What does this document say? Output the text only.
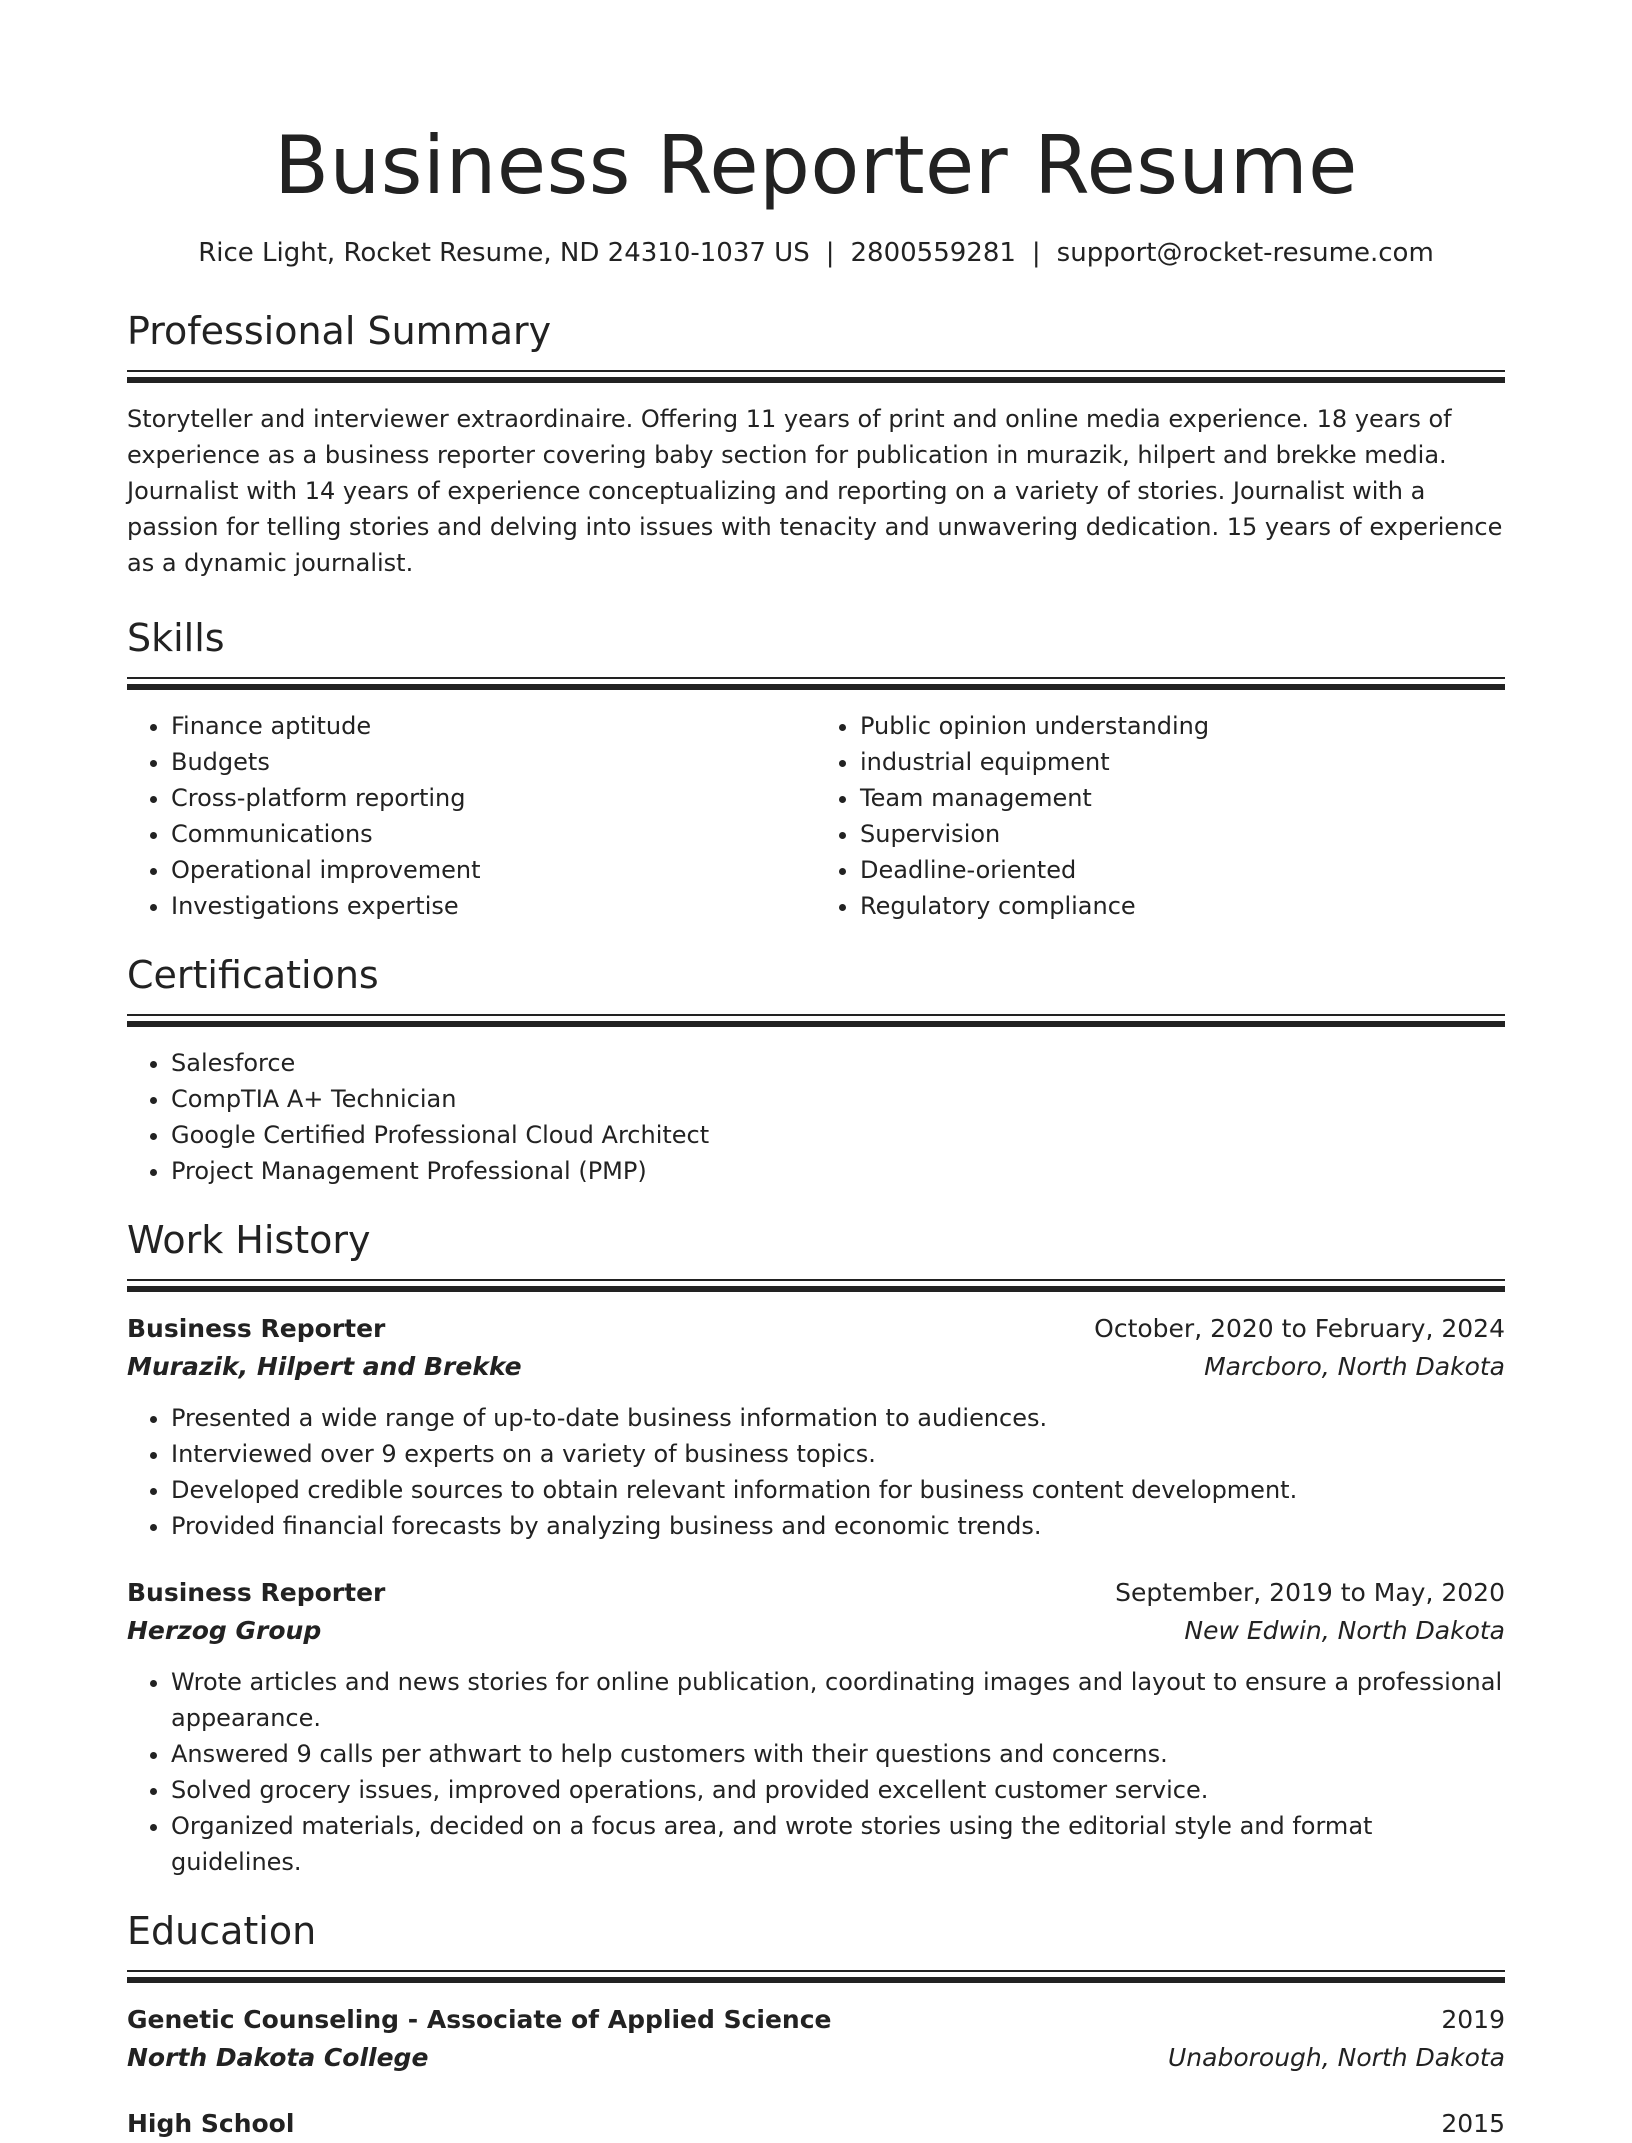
Business Reporter Resume
Rice Light, Rocket Resume, ND 24310-1037 US | 2800559281 | support@rocket-resume.com
Professional Summary

Storyteller and interviewer extraordinaire. Offering 11 years of print and online media experience. 18 years of experience as a business reporter covering baby section for publication in murazik, hilpert and brekke media. Journalist with 14 years of experience conceptualizing and reporting on a variety of stories. Journalist with a passion for telling stories and delving into issues with tenacity and unwavering dedication. 15 years of experience as a dynamic journalist.

Skills
• Finance aptitude
• Budgets
• Cross-platform reporting
• Communications
• Operational improvement
• Investigations expertise
• Public opinion understanding
• industrial equipment
• Team management
• Supervision
• Deadline-oriented
• Regulatory compliance
Certifications
• Salesforce
• CompTIA A+ Technician
• Google Certified Professional Cloud Architect
• Project Management Professional (PMP)
Work History
Business Reporter	October, 2020 to February, 2024
Murazik, Hilpert and Brekke	Marcboro, North Dakota
• Presented a wide range of up-to-date business information to audiences.
• Interviewed over 9 experts on a variety of business topics.
• Developed credible sources to obtain relevant information for business content development.
• Provided financial forecasts by analyzing business and economic trends.
Business Reporter	September, 2019 to May, 2020
Herzog Group	New Edwin, North Dakota
• Wrote articles and news stories for online publication, coordinating images and layout to ensure a professional appearance.
• Answered 9 calls per athwart to help customers with their questions and concerns.
• Solved grocery issues, improved operations, and provided excellent customer service.
• Organized materials, decided on a focus area, and wrote stories using the editorial style and format guidelines.
Education
Genetic Counseling - Associate of Applied Science	2019
North Dakota College	Unaborough, North Dakota
High School	2015
